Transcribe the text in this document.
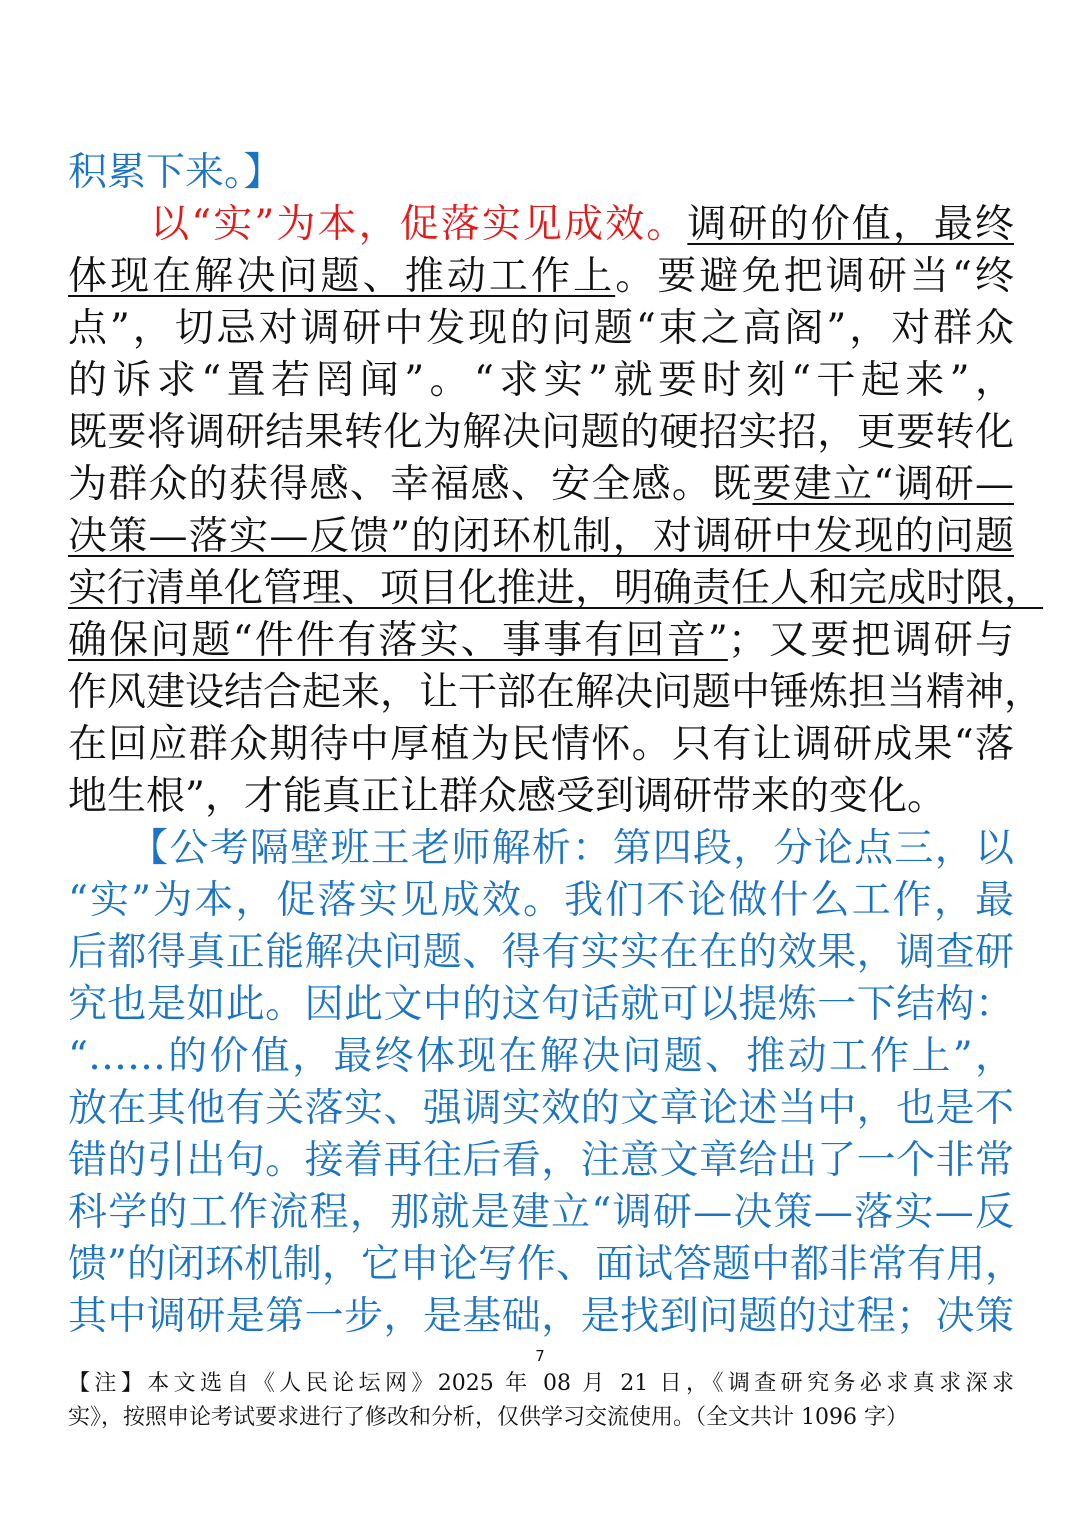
积累下来。】
　　以“实”为本，促落实见成效。调研的价值，最终
体现在解决问题、推动工作上。要避免把调研当“终
点”，切忌对调研中发现的问题“束之高阁”，对群众
的诉求“置若罔闻”。“求实”就要时刻“干起来”，
既要将调研结果转化为解决问题的硬招实招，更要转化
为群众的获得感、幸福感、安全感。既要建立“调研—
决策—落实—反馈”的闭环机制，对调研中发现的问题
实行清单化管理、项目化推进，明确责任人和完成时限，
确保问题“件件有落实、事事有回音”；又要把调研与
作风建设结合起来，让干部在解决问题中锤炼担当精神，
在回应群众期待中厚植为民情怀。只有让调研成果“落
地生根”，才能真正让群众感受到调研带来的变化。
　　【公考隔壁班王老师解析：第四段，分论点三，以
“实”为本，促落实见成效。我们不论做什么工作，最
后都得真正能解决问题、得有实实在在的效果，调查研
究也是如此。因此文中的这句话就可以提炼一下结构：
“……的价值，最终体现在解决问题、推动工作上”，
放在其他有关落实、强调实效的文章论述当中，也是不
错的引出句。接着再往后看，注意文章给出了一个非常
科学的工作流程，那就是建立“调研—决策—落实—反
馈”的闭环机制，它申论写作、面试答题中都非常有用，
其中调研是第一步，是基础，是找到问题的过程；决策
7
【注】本文选自《人民论坛网》2025 年 08 月 21 日，《调查研究务必求真求深求
实》，按照申论考试要求进行了修改和分析，仅供学习交流使用。（全文共计 1096 字）
